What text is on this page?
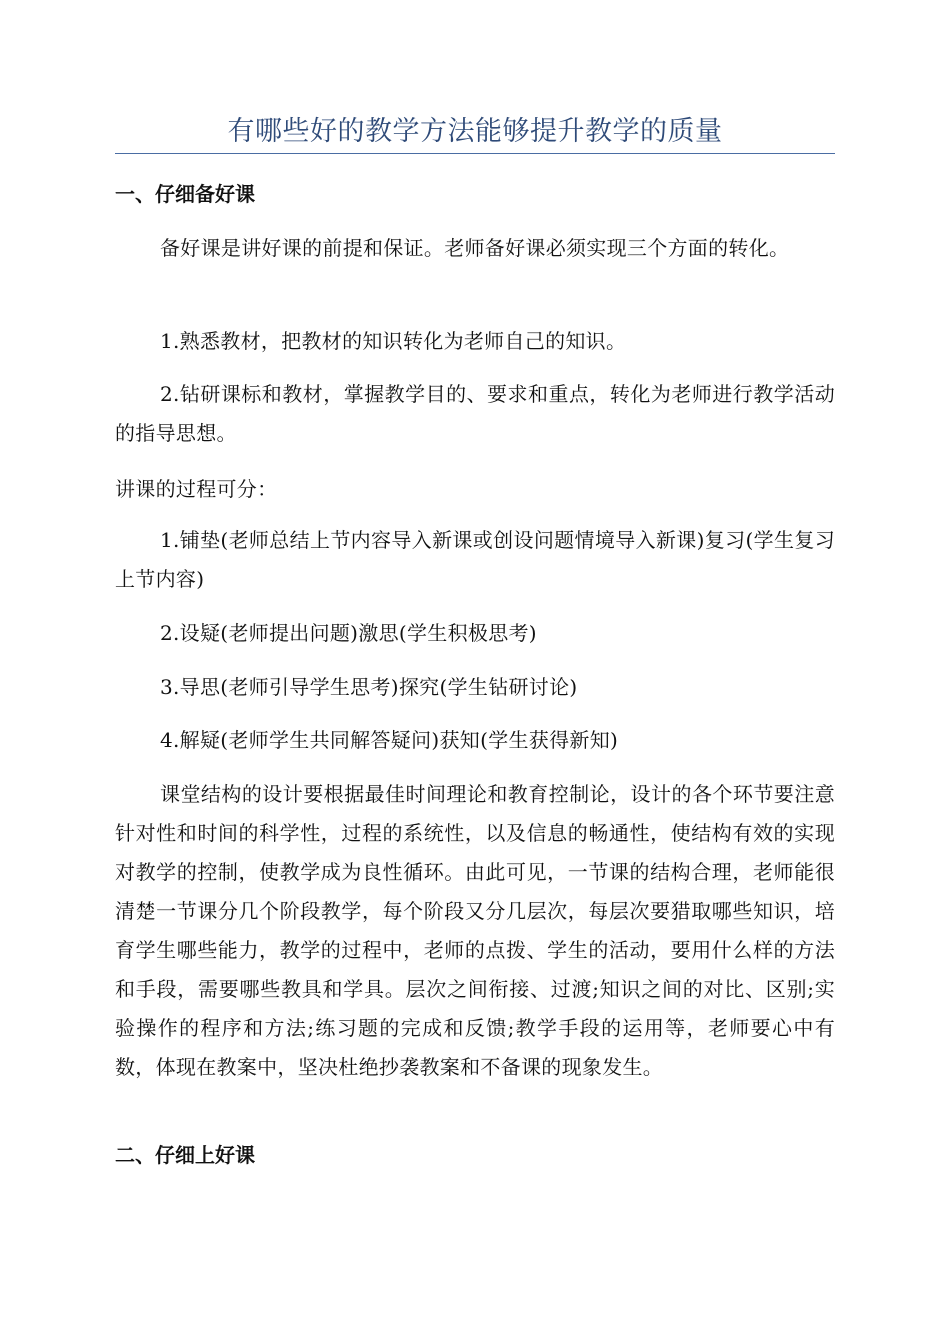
有哪些好的教学方法能够提升教学的质量
一、仔细备好课
备好课是讲好课的前提和保证。老师备好课必须实现三个方面的转化。
1.熟悉教材，把教材的知识转化为老师自己的知识。
2.钻研课标和教材，掌握教学目的、要求和重点，转化为老师进行教学活动的指导思想。
讲课的过程可分：
1.铺垫(老师总结上节内容导入新课或创设问题情境导入新课)复习(学生复习上节内容)
2.设疑(老师提出问题)激思(学生积极思考)
3.导思(老师引导学生思考)探究(学生钻研讨论)
4.解疑(老师学生共同解答疑问)获知(学生获得新知)
课堂结构的设计要根据最佳时间理论和教育控制论，设计的各个环节要注意针对性和时间的科学性，过程的系统性，以及信息的畅通性，使结构有效的实现对教学的控制，使教学成为良性循环。由此可见，一节课的结构合理，老师能很清楚一节课分几个阶段教学，每个阶段又分几层次，每层次要猎取哪些知识，培育学生哪些能力，教学的过程中，老师的点拨、学生的活动，要用什么样的方法和手段，需要哪些教具和学具。层次之间衔接、过渡;知识之间的对比、区别;实验操作的程序和方法;练习题的完成和反馈;教学手段的运用等，老师要心中有数，体现在教案中，坚决杜绝抄袭教案和不备课的现象发生。
二、仔细上好课
